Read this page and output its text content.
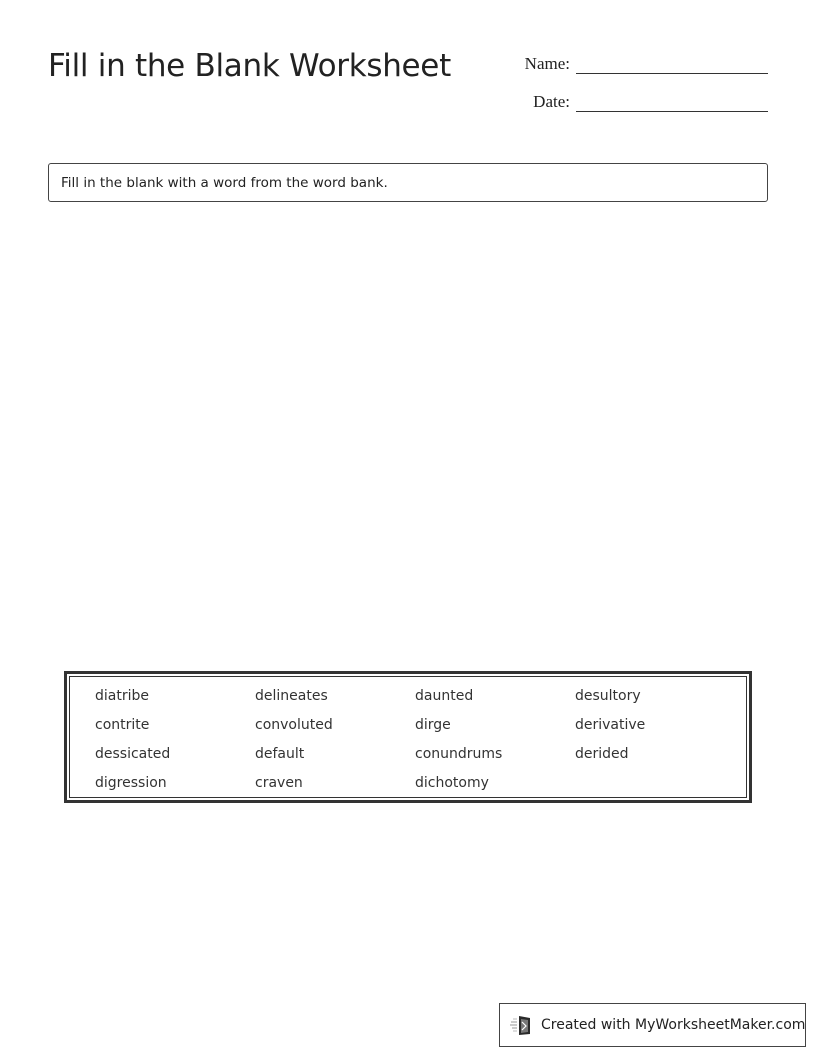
Fill in the Blank Worksheet	Name:
Date:
Fill in the blank with a word from the word bank.
diatribe	delineates	daunted	desultory
contrite	convoluted	dirge	derivative
dessicated	default	conundrums	derided
digression	craven	dichotomy
Created with MyWorksheetMaker.com
